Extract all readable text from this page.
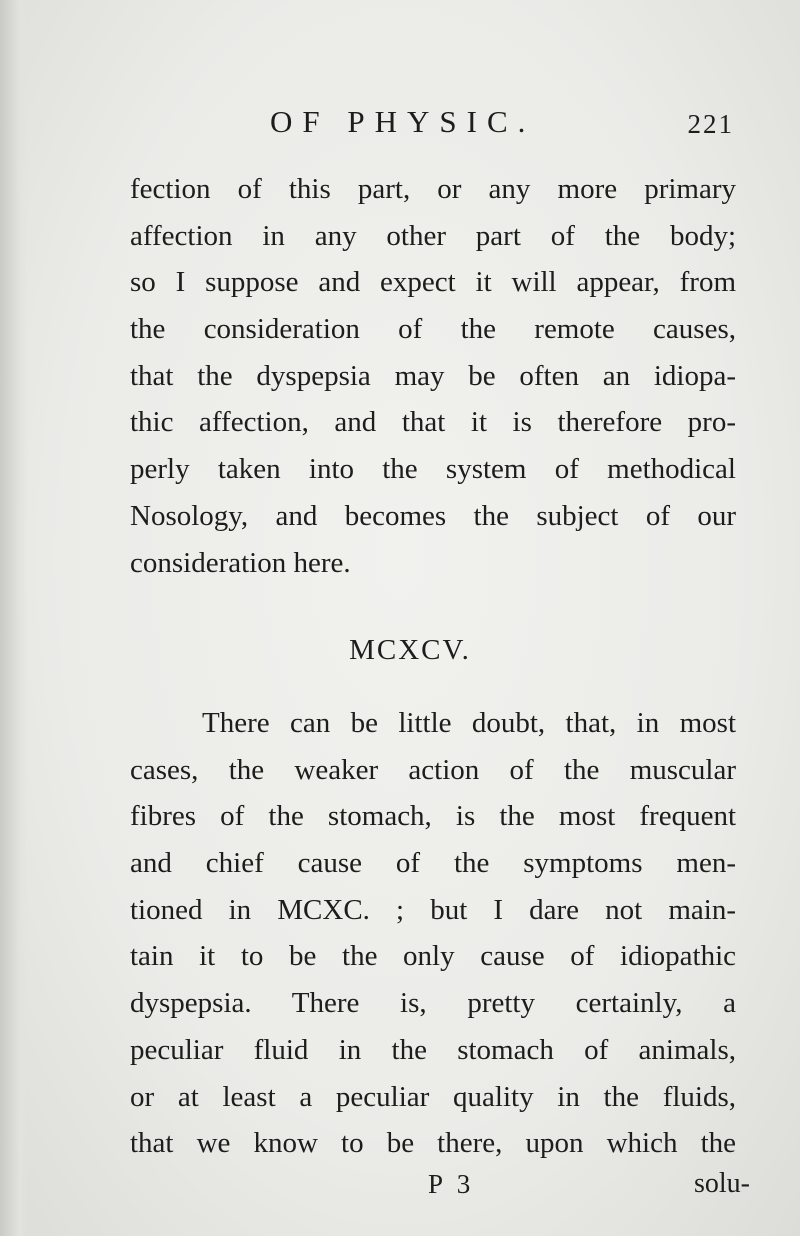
OF PHYSIC.	221
fection of this part, or any more primary
affection in any other part of the body;
so I suppose and expect it will appear, from
the consideration of the remote causes,
that the dyspepsia may be often an idiopa-
thic affection, and that it is therefore pro-
perly taken into the system of methodical
Nosology, and becomes the subject of our
consideration here.
MCXCV.
There can be little doubt, that, in most
cases, the weaker action of the muscular
fibres of the stomach, is the most frequent
and chief cause of the symptoms men-
tioned in MCXC. ; but I dare not main-
tain it to be the only cause of idiopathic
dyspepsia. There is, pretty certainly, a
peculiar fluid in the stomach of animals,
or at least a peculiar quality in the fluids,
that we know to be there, upon which the
P 3	solu-
